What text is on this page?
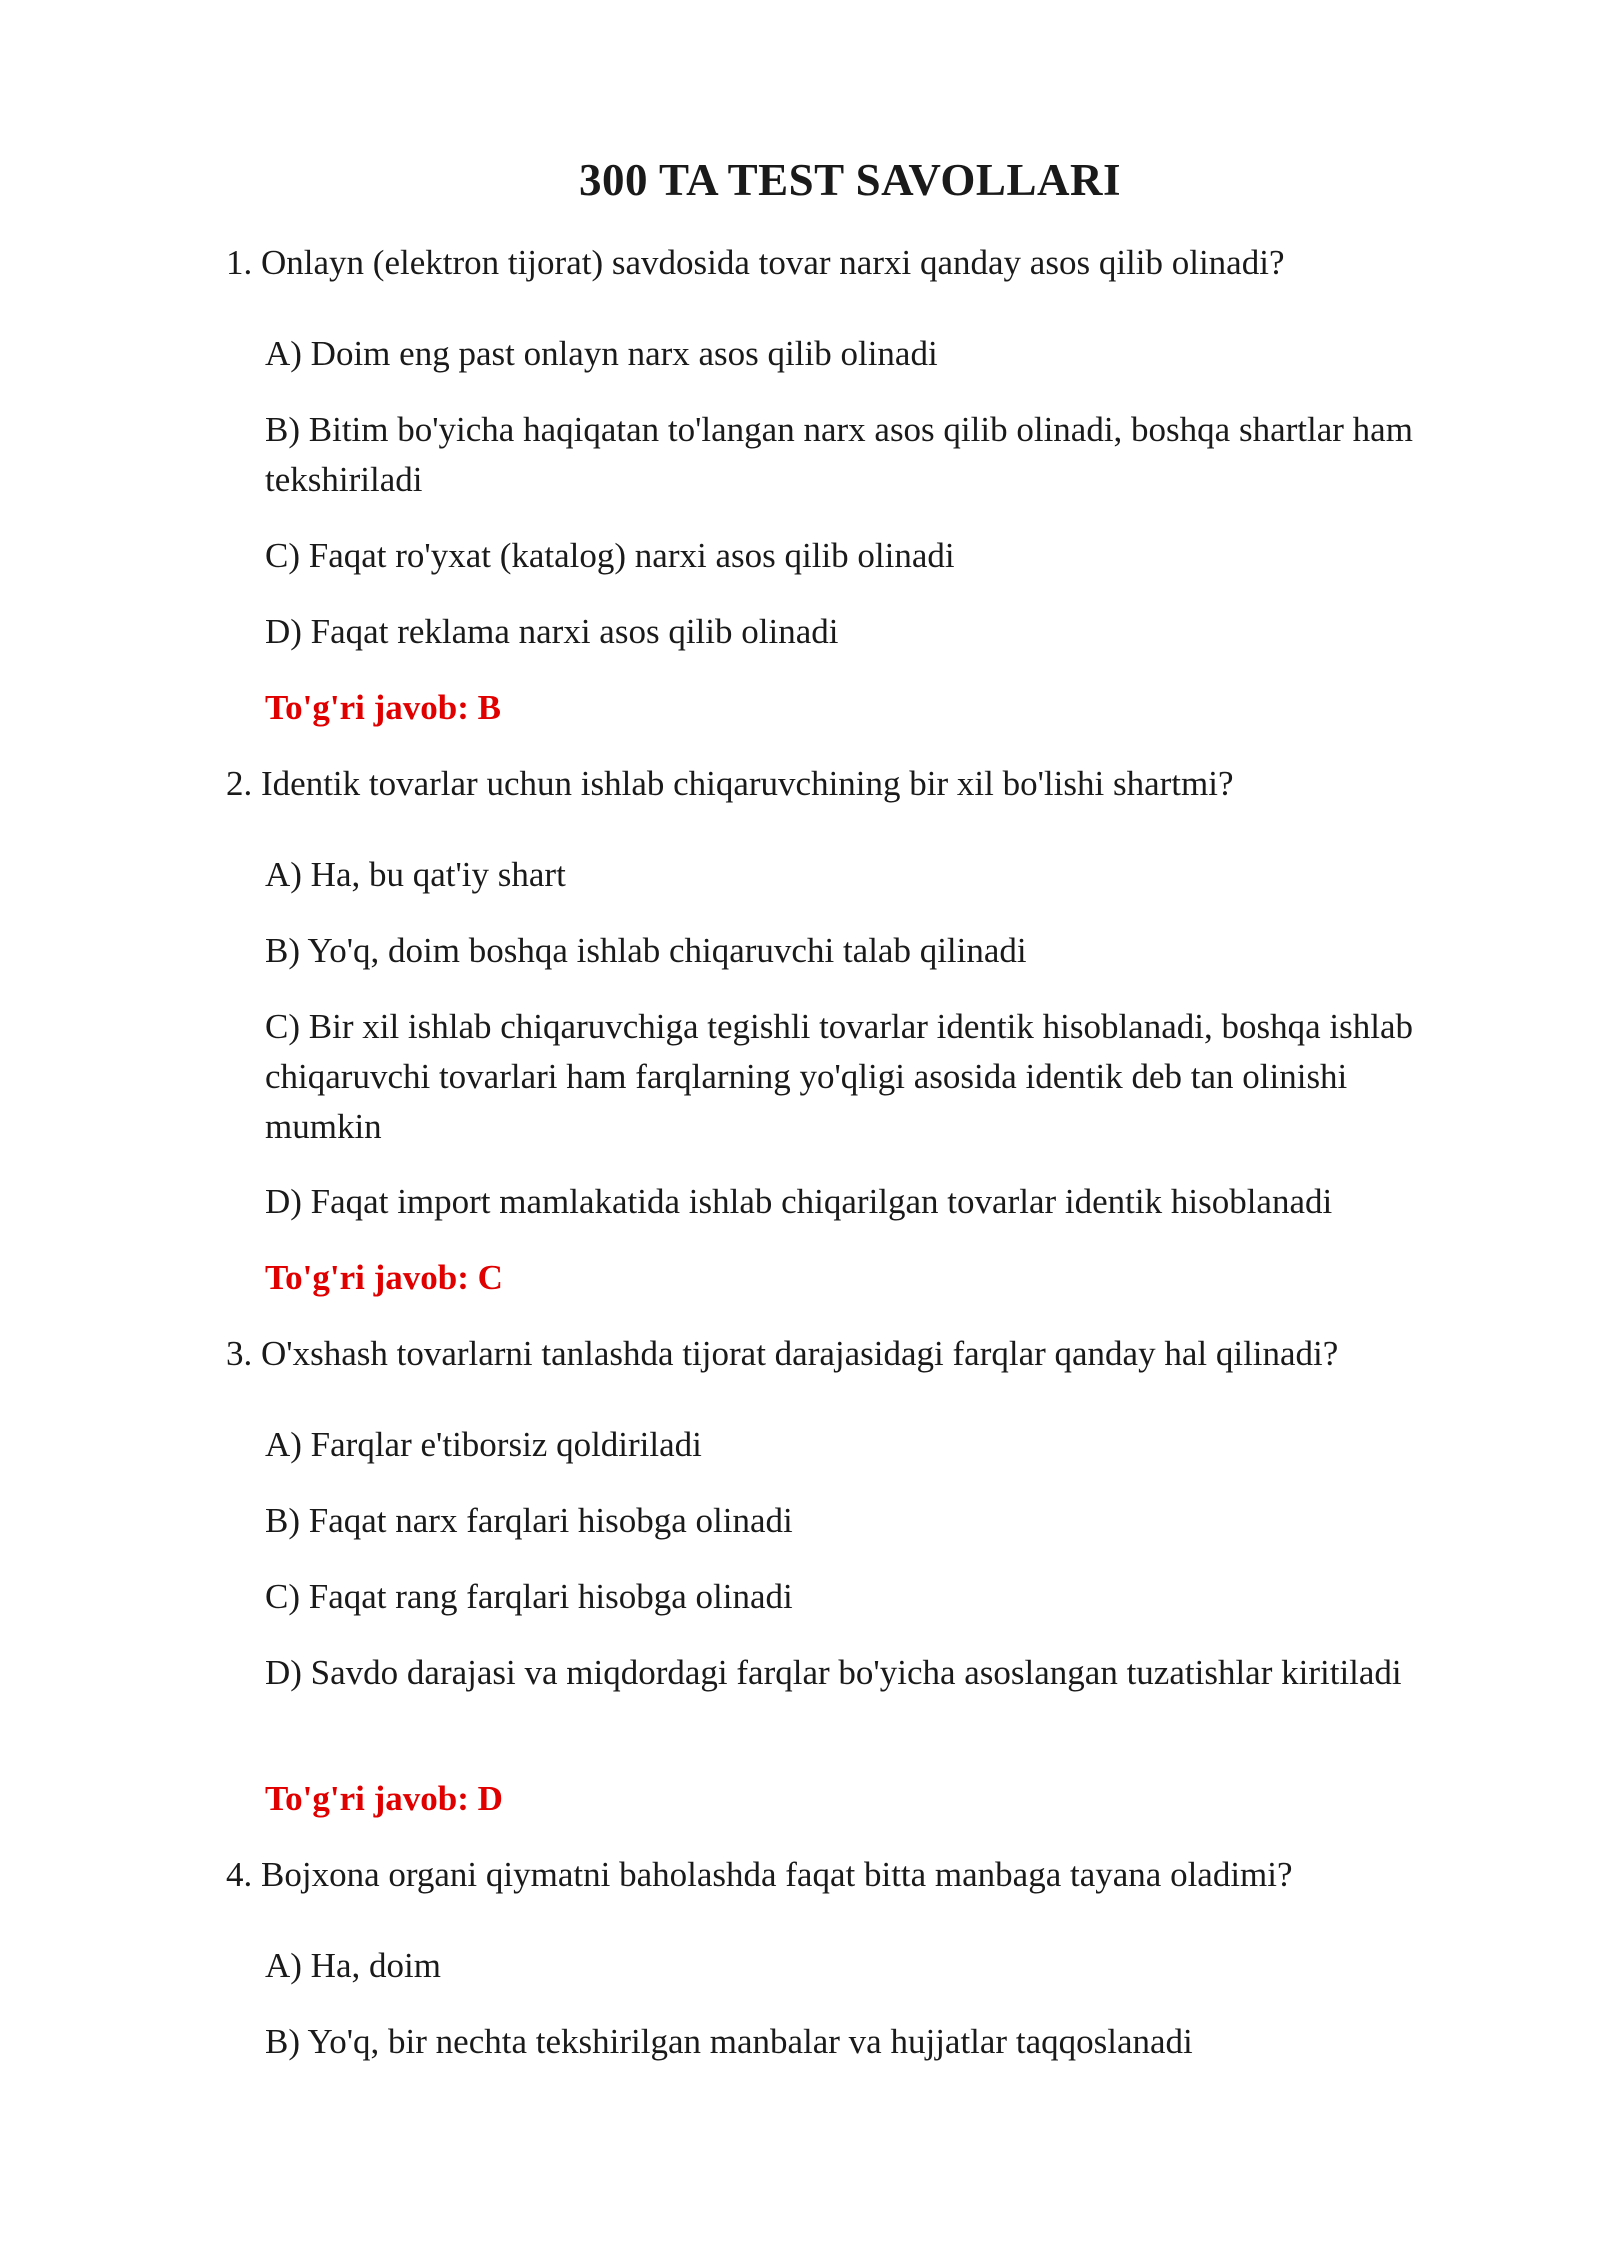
300 TA TEST SAVOLLARI
1. Onlayn (elektron tijorat) savdosida tovar narxi qanday asos qilib olinadi?
A) Doim eng past onlayn narx asos qilib olinadi
B) Bitim bo'yicha haqiqatan to'langan narx asos qilib olinadi, boshqa shartlar ham tekshiriladi
C) Faqat ro'yxat (katalog) narxi asos qilib olinadi
D) Faqat reklama narxi asos qilib olinadi
To'g'ri javob: B
2. Identik tovarlar uchun ishlab chiqaruvchining bir xil bo'lishi shartmi?
A) Ha, bu qat'iy shart
B) Yo'q, doim boshqa ishlab chiqaruvchi talab qilinadi
C) Bir xil ishlab chiqaruvchiga tegishli tovarlar identik hisoblanadi, boshqa ishlab chiqaruvchi tovarlari ham farqlarning yo'qligi asosida identik deb tan olinishi mumkin
D) Faqat import mamlakatida ishlab chiqarilgan tovarlar identik hisoblanadi
To'g'ri javob: C
3. O'xshash tovarlarni tanlashda tijorat darajasidagi farqlar qanday hal qilinadi?
A) Farqlar e'tiborsiz qoldiriladi
B) Faqat narx farqlari hisobga olinadi
C) Faqat rang farqlari hisobga olinadi
D) Savdo darajasi va miqdordagi farqlar bo'yicha asoslangan tuzatishlar kiritiladi
To'g'ri javob: D
4. Bojxona organi qiymatni baholashda faqat bitta manbaga tayana oladimi?
A) Ha, doim
B) Yo'q, bir nechta tekshirilgan manbalar va hujjatlar taqqoslanadi
